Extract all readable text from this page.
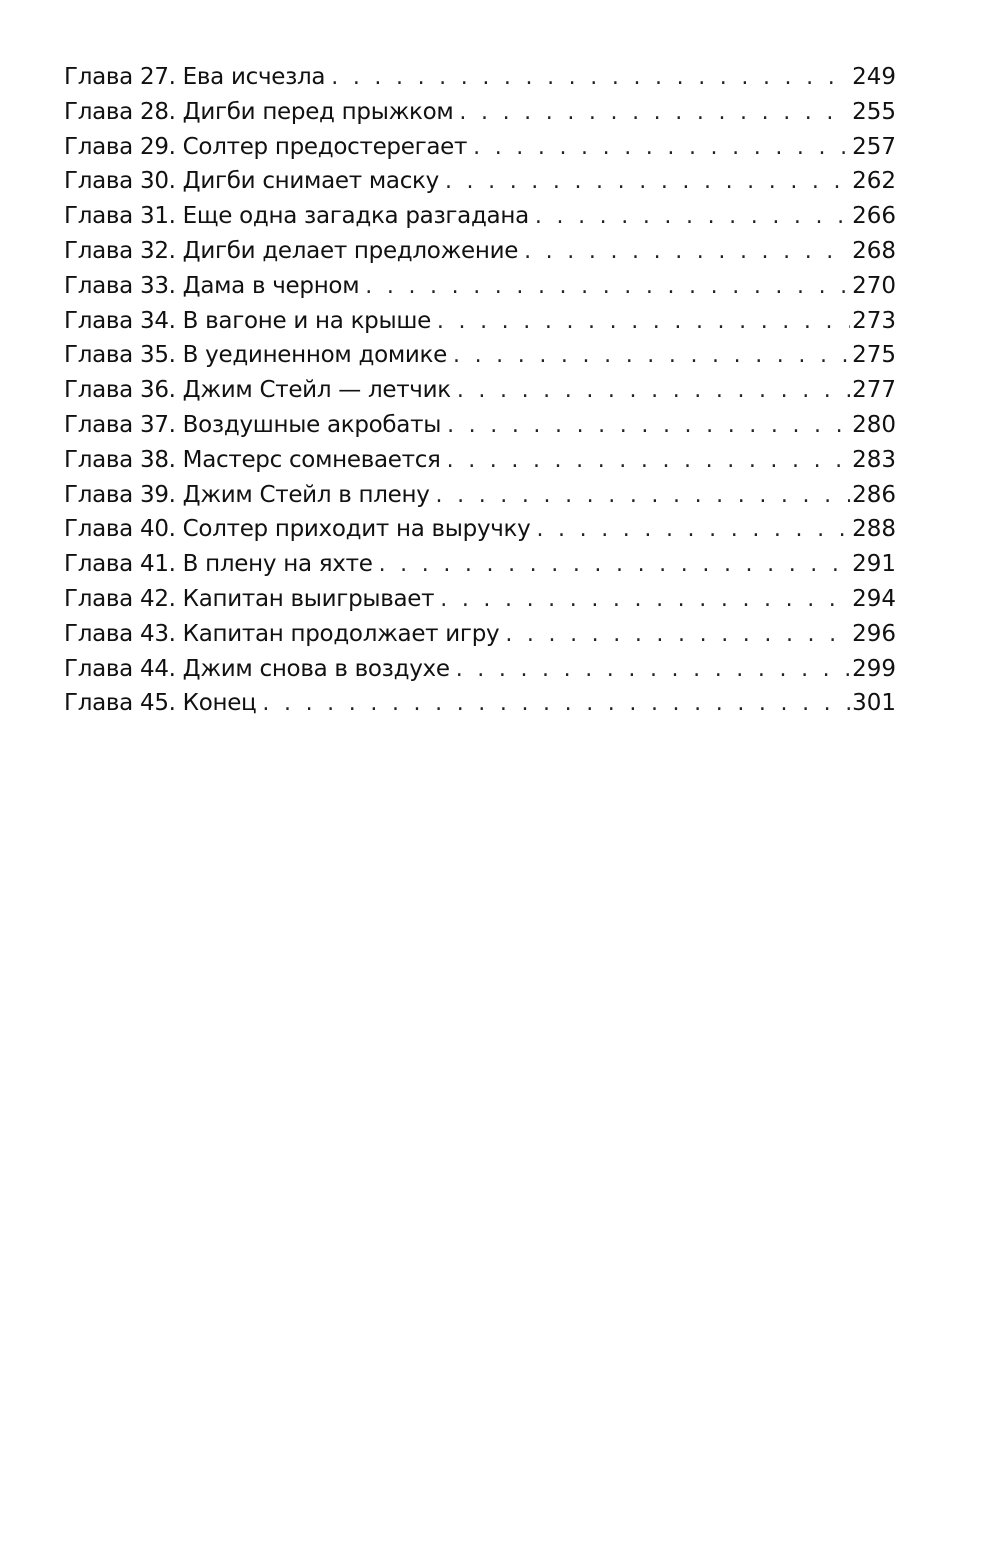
Глава 27. Ева исчезла . . .	249
Глава 28. Дигби перед прыжком . . .	255
Глава 29. Солтер предостерегает . . .	257
Глава 30. Дигби снимает маску . . .	262
Глава 31. Еще одна загадка разгадана . . .	266
Глава 32. Дигби делает предложение . . .	268
Глава 33. Дама в черном . . .	270
Глава 34. В вагоне и на крыше . . .	273
Глава 35. В уединенном домике . . .	275
Глава 36. Джим Стейл — летчик . . .	277
Глава 37. Воздушные акробаты . . .	280
Глава 38. Мастерс сомневается . . .	283
Глава 39. Джим Стейл в плену . . .	286
Глава 40. Солтер приходит на выручку . . .	288
Глава 41. В плену на яхте . . .	291
Глава 42. Капитан выигрывает . . .	294
Глава 43. Капитан продолжает игру . . .	296
Глава 44. Джим снова в воздухе . . .	299
Глава 45. Конец . . .	301
